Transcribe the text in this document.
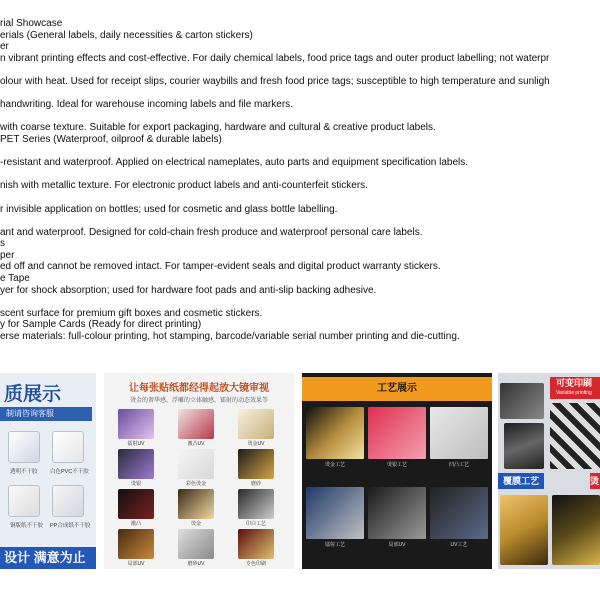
rial Showcase
erials (General labels, daily necessities & carton stickers)
er
n vibrant printing effects and cost-effective. For daily chemical labels, food price tags and outer product labelling; not waterpr
olour with heat. Used for receipt slips, courier waybills and fresh food price tags; susceptible to high temperature and sunligh
handwriting. Ideal for warehouse incoming labels and file markers.
with coarse texture. Suitable for export packaging, hardware and cultural & creative product labels.
PET Series (Waterproof, oilproof & durable labels)
-resistant and waterproof. Applied on electrical nameplates, auto parts and equipment specification labels.
nish with metallic texture. For electronic product labels and anti-counterfeit stickers.
r invisible application on bottles; used for cosmetic and glass bottle labelling.
ant and waterproof. Designed for cold-chain fresh produce and waterproof personal care labels.
s
per
ed off and cannot be removed intact. For tamper-evident seals and digital product warranty stickers.
e Tape
yer for shock absorption; used for hardware foot pads and anti-slip backing adhesive.
scent surface for premium gift boxes and cosmetic stickers.
y for Sample Cards (Ready for direct printing)
erse materials: full-colour printing, hot stamping, barcode/variable serial number printing and die-cutting.
质展示
制请咨询客服
透明不干胶 白色PVC不干胶
铜版纸不干胶 PP合成纸不干胶
设计 满意为止
让每张贴纸都经得起放大镜审视
烫金的奢华感，浮雕的立体触感，镭射的动态效果等
镭射UV	激凸UV	烫金UV
烫银	彩色烫金	磨砂
激凸	烫金	印白工艺
局部UV	磨砂UV	专色印刷
工艺展示
烫金工艺	烫银工艺	凹凸工艺
镭射工艺	局部UV	UV工艺
可变印刷
Variable printing
覆膜工艺	烫
